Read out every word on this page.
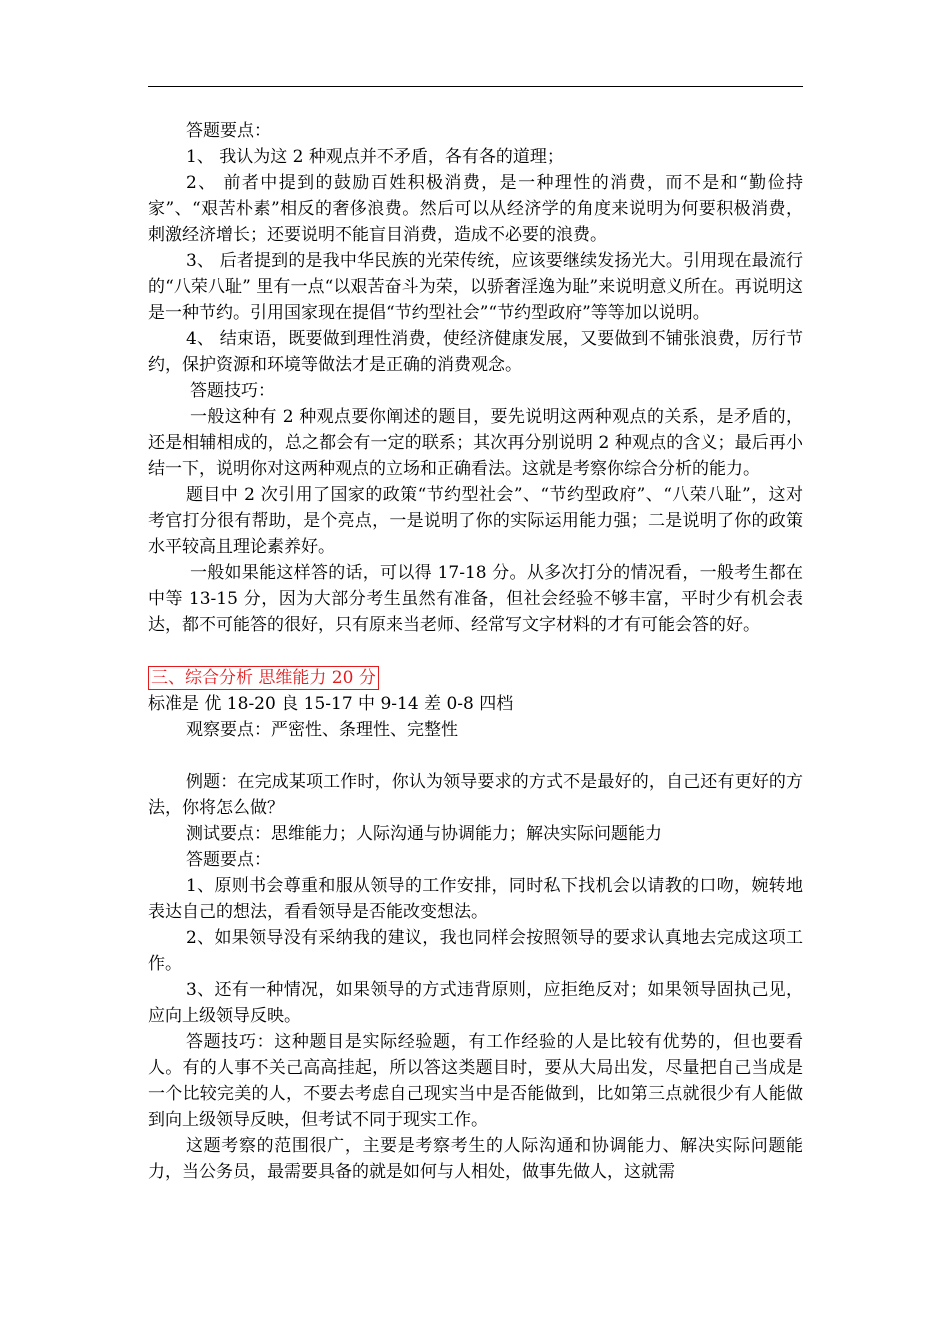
答题要点：

1、 我认为这 2 种观点并不矛盾，各有各的道理；

2、 前者中提到的鼓励百姓积极消费，是一种理性的消费，而不是和“勤俭持家”、“艰苦朴素”相反的奢侈浪费。然后可以从经济学的角度来说明为何要积极消费，刺激经济增长；还要说明不能盲目消费，造成不必要的浪费。

3、 后者提到的是我中华民族的光荣传统，应该要继续发扬光大。引用现在最流行的“八荣八耻” 里有一点“以艰苦奋斗为荣，以骄奢淫逸为耻”来说明意义所在。再说明这是一种节约。引用国家现在提倡“节约型社会”“节约型政府”等等加以说明。

4、 结束语，既要做到理性消费，使经济健康发展，又要做到不铺张浪费，厉行节约，保护资源和环境等做法才是正确的消费观念。

答题技巧：

一般这种有 2 种观点要你阐述的题目，要先说明这两种观点的关系，是矛盾的，还是相辅相成的，总之都会有一定的联系；其次再分别说明 2 种观点的含义；最后再小结一下，说明你对这两种观点的立场和正确看法。这就是考察你综合分析的能力。

题目中 2 次引用了国家的政策“节约型社会”、“节约型政府”、“八荣八耻”，这对考官打分很有帮助，是个亮点，一是说明了你的实际运用能力强；二是说明了你的政策水平较高且理论素养好。

一般如果能这样答的话，可以得 17-18 分。从多次打分的情况看，一般考生都在中等 13-15 分，因为大部分考生虽然有准备，但社会经验不够丰富，平时少有机会表达，都不可能答的很好，只有原来当老师、经常写文字材料的才有可能会答的好。

三、综合分析 思维能力 20 分

标准是 优 18-20 良 15-17 中 9-14 差 0-8 四档

观察要点：严密性、条理性、完整性

例题：在完成某项工作时，你认为领导要求的方式不是最好的，自己还有更好的方法，你将怎么做？

测试要点：思维能力；人际沟通与协调能力；解决实际问题能力

答题要点：

1、原则书会尊重和服从领导的工作安排，同时私下找机会以请教的口吻，婉转地表达自己的想法，看看领导是否能改变想法。

2、如果领导没有采纳我的建议，我也同样会按照领导的要求认真地去完成这项工作。

3、还有一种情况，如果领导的方式违背原则，应拒绝反对；如果领导固执己见，应向上级领导反映。

答题技巧：这种题目是实际经验题，有工作经验的人是比较有优势的，但也要看人。有的人事不关己高高挂起，所以答这类题目时，要从大局出发，尽量把自己当成是一个比较完美的人，不要去考虑自己现实当中是否能做到，比如第三点就很少有人能做到向上级领导反映，但考试不同于现实工作。

这题考察的范围很广，主要是考察考生的人际沟通和协调能力、解决实际问题能力，当公务员，最需要具备的就是如何与人相处，做事先做人，这就需
